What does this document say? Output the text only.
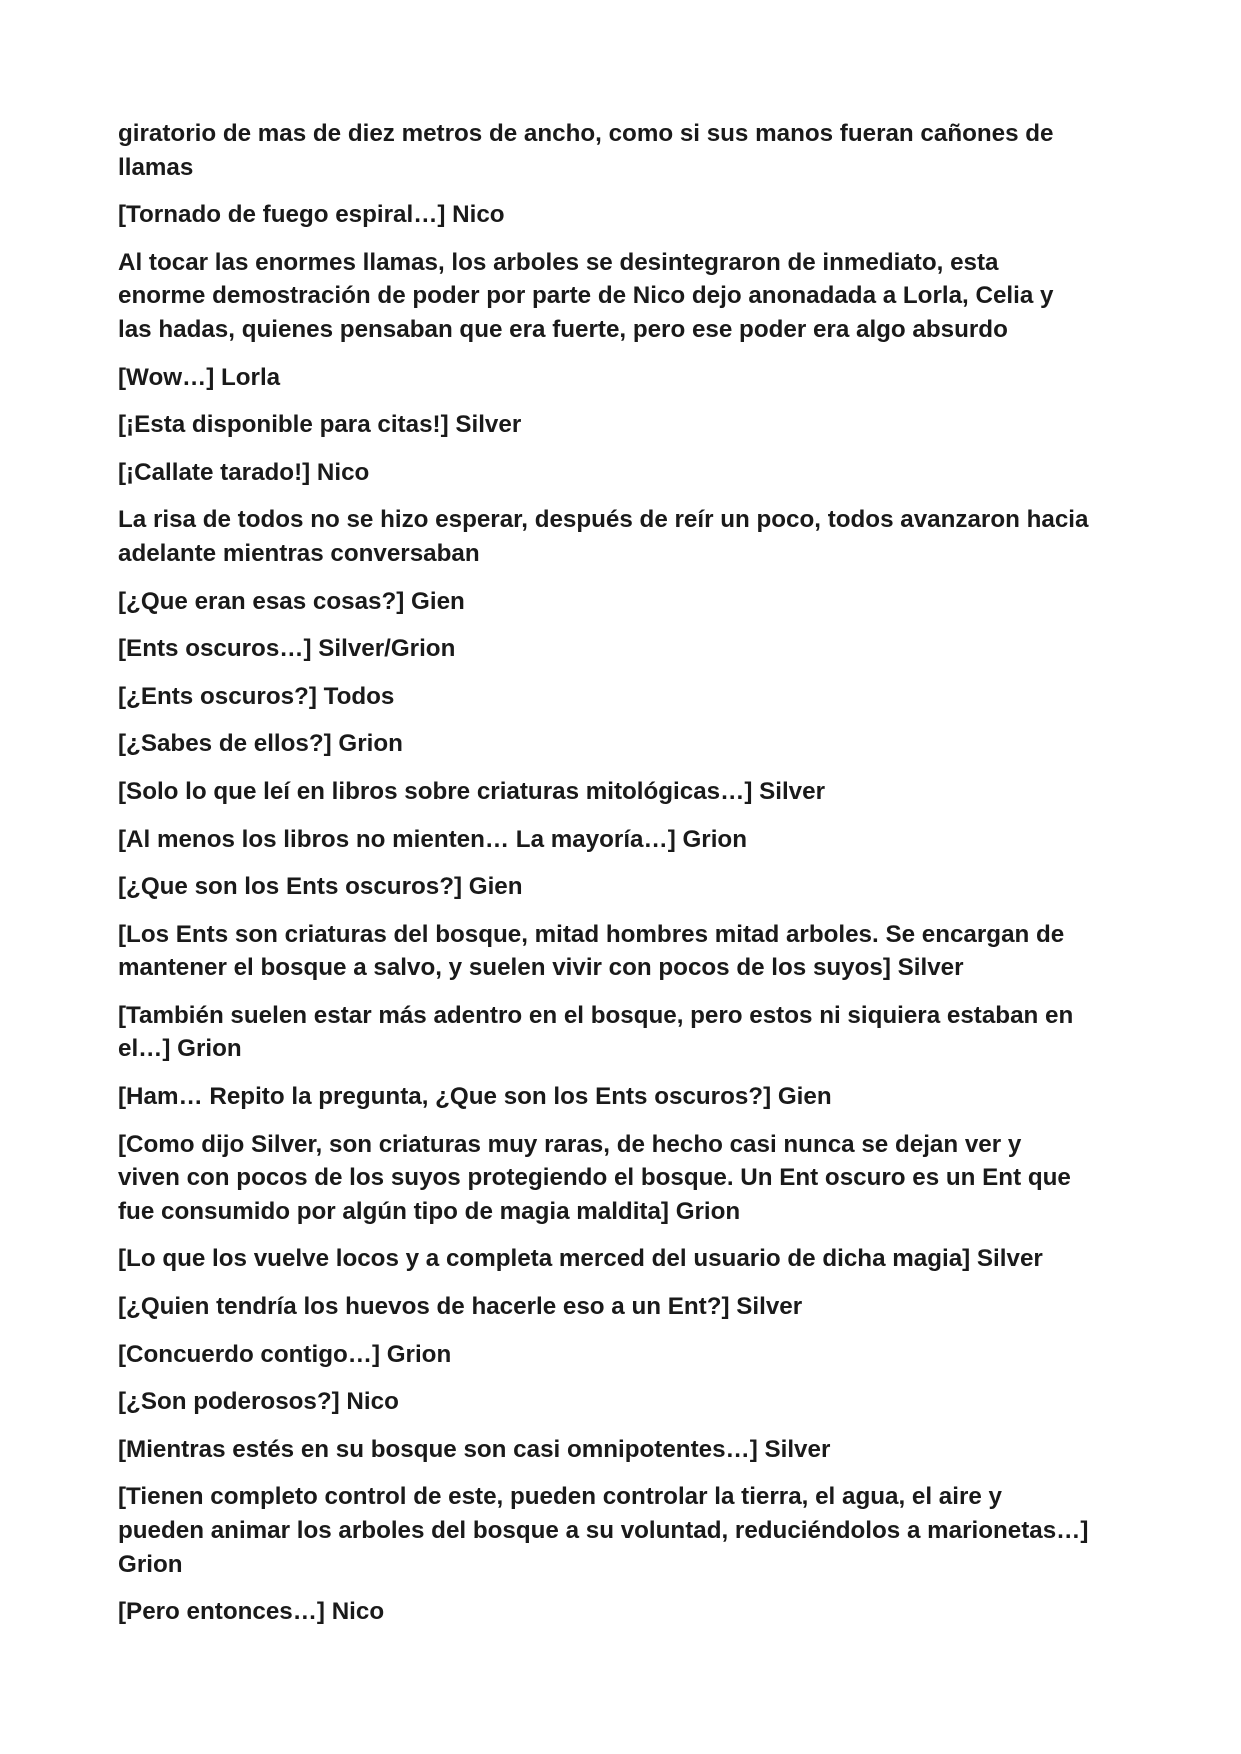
giratorio de mas de diez metros de ancho, como si sus manos fueran cañones de
llamas

[Tornado de fuego espiral…] Nico

Al tocar las enormes llamas, los arboles se desintegraron de inmediato, esta
enorme demostración de poder por parte de Nico dejo anonadada a Lorla, Celia y
las hadas, quienes pensaban que era fuerte, pero ese poder era algo absurdo

[Wow…] Lorla

[¡Esta disponible para citas!] Silver

[¡Callate tarado!] Nico

La risa de todos no se hizo esperar, después de reír un poco, todos avanzaron hacia
adelante mientras conversaban

[¿Que eran esas cosas?] Gien

[Ents oscuros…] Silver/Grion

[¿Ents oscuros?] Todos

[¿Sabes de ellos?] Grion

[Solo lo que leí en libros sobre criaturas mitológicas…] Silver

[Al menos los libros no mienten… La mayoría…] Grion

[¿Que son los Ents oscuros?] Gien

[Los Ents son criaturas del bosque, mitad hombres mitad arboles. Se encargan de
mantener el bosque a salvo, y suelen vivir con pocos de los suyos] Silver

[También suelen estar más adentro en el bosque, pero estos ni siquiera estaban en
el…] Grion

[Ham… Repito la pregunta, ¿Que son los Ents oscuros?] Gien

[Como dijo Silver, son criaturas muy raras, de hecho casi nunca se dejan ver y
viven con pocos de los suyos protegiendo el bosque. Un Ent oscuro es un Ent que
fue consumido por algún tipo de magia maldita] Grion

[Lo que los vuelve locos y a completa merced del usuario de dicha magia] Silver

[¿Quien tendría los huevos de hacerle eso a un Ent?] Silver

[Concuerdo contigo…] Grion

[¿Son poderosos?] Nico

[Mientras estés en su bosque son casi omnipotentes…] Silver

[Tienen completo control de este, pueden controlar la tierra, el agua, el aire y
pueden animar los arboles del bosque a su voluntad, reduciéndolos a marionetas…]
Grion

[Pero entonces…] Nico
